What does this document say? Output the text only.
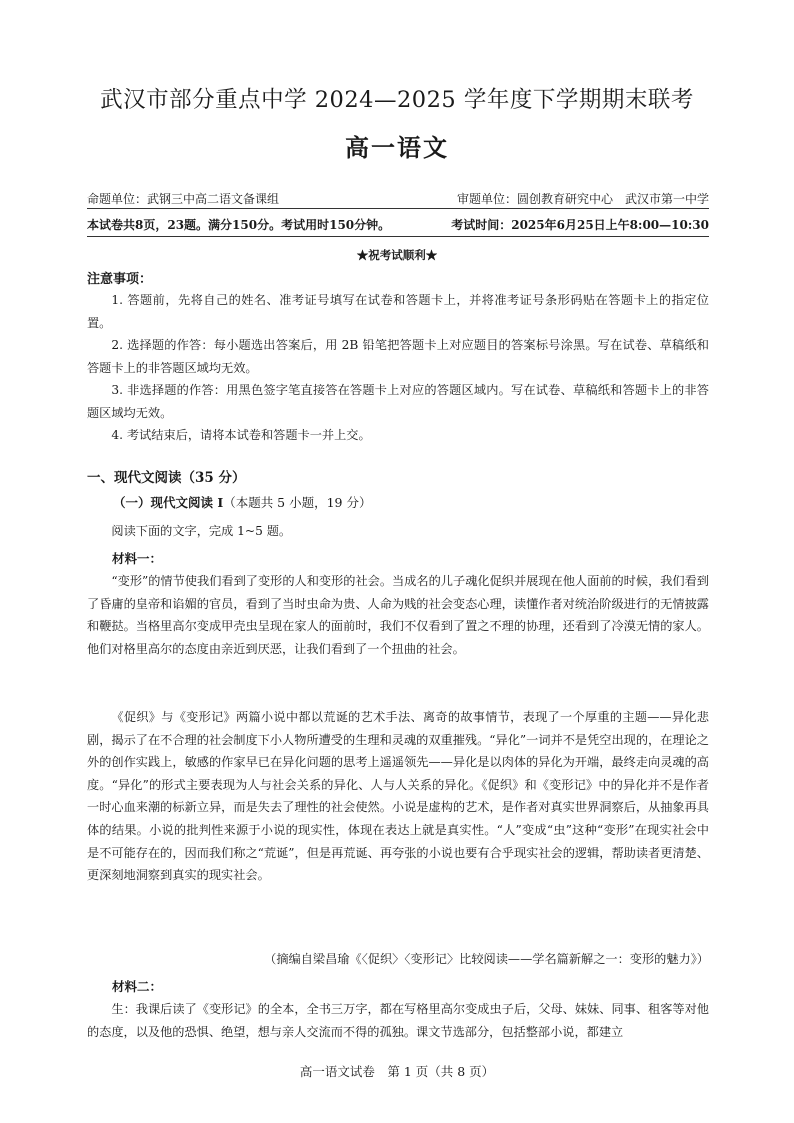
武汉市部分重点中学 2024—2025 学年度下学期期末联考
高一语文
命题单位：武钢三中高二语文备课组	审题单位：圆创教育研究中心　武汉市第一中学
本试卷共8页，23题。满分150分。考试用时150分钟。	考试时间：2025年6月25日上午8:00—10:30
★祝考试顺利★
注意事项：

1. 答题前，先将自己的姓名、准考证号填写在试卷和答题卡上，并将准考证号条形码贴在答题卡上的指定位置。

2. 选择题的作答：每小题选出答案后，用 2B 铅笔把答题卡上对应题目的答案标号涂黑。写在试卷、草稿纸和答题卡上的非答题区域均无效。

3. 非选择题的作答：用黑色签字笔直接答在答题卡上对应的答题区域内。写在试卷、草稿纸和答题卡上的非答题区域均无效。

4. 考试结束后，请将本试卷和答题卡一并上交。

一、现代文阅读（35 分）
（一）现代文阅读 I（本题共 5 小题，19 分）
阅读下面的文字，完成 1~5 题。
材料一：

“变形”的情节使我们看到了变形的人和变形的社会。当成名的儿子魂化促织并展现在他人面前的时候，我们看到了昏庸的皇帝和谄媚的官员，看到了当时虫命为贵、人命为贱的社会变态心理，读懂作者对统治阶级进行的无情披露和鞭挞。当格里高尔变成甲壳虫呈现在家人的面前时，我们不仅看到了置之不理的协理，还看到了冷漠无情的家人。他们对格里高尔的态度由亲近到厌恶，让我们看到了一个扭曲的社会。

《促织》与《变形记》两篇小说中都以荒诞的艺术手法、离奇的故事情节，表现了一个厚重的主题——异化悲剧，揭示了在不合理的社会制度下小人物所遭受的生理和灵魂的双重摧残。“异化”一词并不是凭空出现的，在理论之外的创作实践上，敏感的作家早已在异化问题的思考上遥遥领先——异化是以肉体的异化为开端，最终走向灵魂的高度。“异化”的形式主要表现为人与社会关系的异化、人与人关系的异化。《促织》和《变形记》中的异化并不是作者一时心血来潮的标新立异，而是失去了理性的社会使然。小说是虚构的艺术，是作者对真实世界洞察后，从抽象再具体的结果。小说的批判性来源于小说的现实性，体现在表达上就是真实性。“人”变成“虫”这种“变形”在现实社会中是不可能存在的，因而我们称之“荒诞”，但是再荒诞、再夸张的小说也要有合乎现实社会的逻辑，帮助读者更清楚、更深刻地洞察到真实的现实社会。

（摘编自梁昌瑜《〈促织〉〈变形记〉比较阅读——学名篇新解之一：变形的魅力》）
材料二：

生：我课后读了《变形记》的全本，全书三万字，都在写格里高尔变成虫子后，父母、妹妹、同事、租客等对他的态度，以及他的恐惧、绝望，想与亲人交流而不得的孤独。课文节选部分，包括整部小说，都建立

高一语文试卷　第 1 页（共 8 页）
